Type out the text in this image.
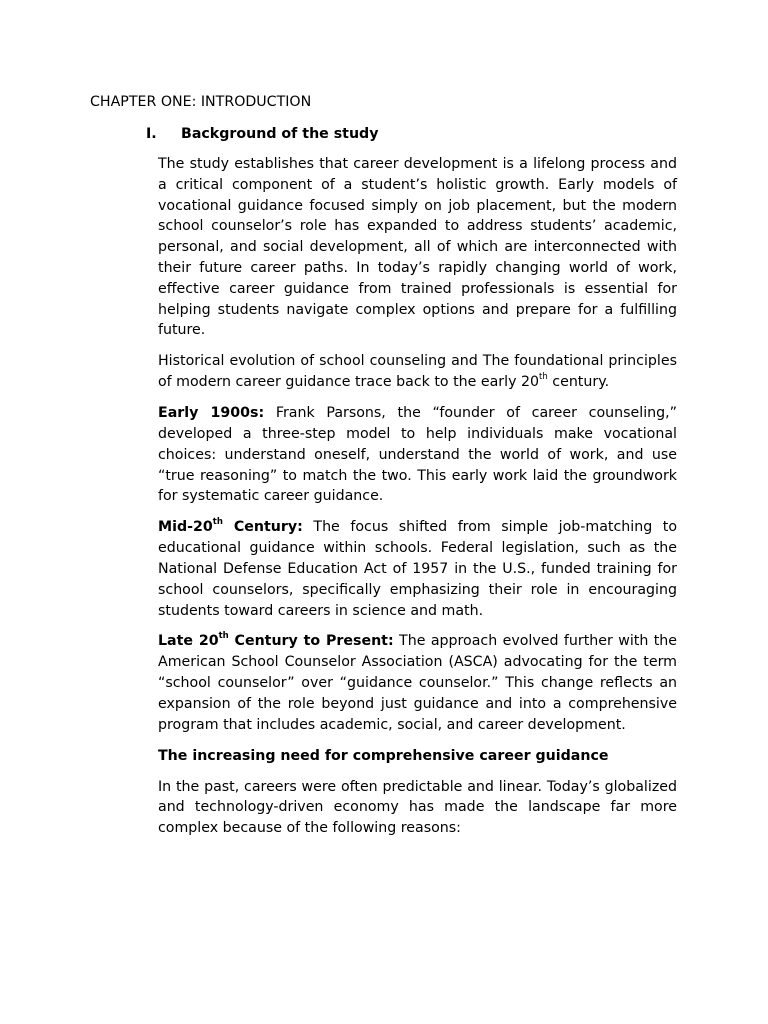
CHAPTER ONE: INTRODUCTION
I. Background of the study

The study establishes that career development is a lifelong process and a critical component of a student’s holistic growth. Early models of vocational guidance focused simply on job placement, but the modern school counselor’s role has expanded to address students’ academic, personal, and social development, all of which are interconnected with their future career paths. In today’s rapidly changing world of work, effective career guidance from trained professionals is essential for helping students navigate complex options and prepare for a fulfilling future.

Historical evolution of school counseling and The foundational principles of modern career guidance trace back to the early 20th century.

Early 1900s: Frank Parsons, the “founder of career counseling,” developed a three-step model to help individuals make vocational choices: understand oneself, understand the world of work, and use “true reasoning” to match the two. This early work laid the groundwork for systematic career guidance.

Mid-20th Century: The focus shifted from simple job-matching to educational guidance within schools. Federal legislation, such as the National Defense Education Act of 1957 in the U.S., funded training for school counselors, specifically emphasizing their role in encouraging students toward careers in science and math.

Late 20th Century to Present: The approach evolved further with the American School Counselor Association (ASCA) advocating for the term “school counselor” over “guidance counselor.” This change reflects an expansion of the role beyond just guidance and into a comprehensive program that includes academic, social, and career development.

The increasing need for comprehensive career guidance

In the past, careers were often predictable and linear. Today’s globalized and technology-driven economy has made the landscape far more complex because of the following reasons:
